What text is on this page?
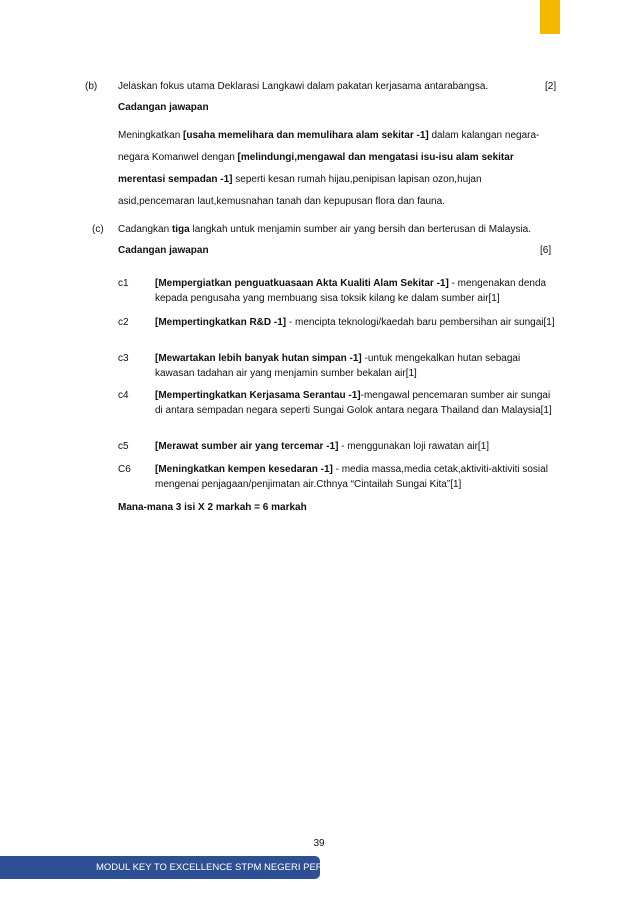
(b) Jelaskan fokus utama Deklarasi Langkawi dalam pakatan kerjasama antarabangsa.	[2]
Cadangan jawapan
Meningkatkan [usaha memelihara dan memulihara alam sekitar -1] dalam kalangan negara-
negara Komanwel dengan [melindungi,mengawal dan mengatasi isu-isu alam sekitar
merentasi sempadan -1] seperti kesan rumah hijau,penipisan lapisan ozon,hujan
asid,pencemaran laut,kemusnahan tanah dan kepupusan flora dan fauna.
(c) Cadangkan tiga langkah untuk menjamin sumber air yang bersih dan berterusan di Malaysia.
Cadangan jawapan	[6]
c1	[Mempergiatkan penguatkuasaan Akta Kualiti Alam Sekitar -1] - mengenakan denda kepada pengusaha yang membuang sisa toksik kilang ke dalam sumber air[1]
c2	[Mempertingkatkan R&D -1] - mencipta teknologi/kaedah baru pembersihan air sungai[1]
c3	[Mewartakan lebih banyak hutan simpan -1] -untuk mengekalkan hutan sebagai kawasan tadahan air yang menjamin sumber bekalan air[1]
c4	[Mempertingkatkan Kerjasama Serantau -1]-mengawal pencemaran sumber air sungai di antara sempadan negara seperti Sungai Golok antara negara Thailand dan Malaysia[1]
c5	[Merawat sumber air yang tercemar -1] - menggunakan loji rawatan air[1]
C6 [Meningkatkan kempen kesedaran -1] - media massa,media cetak,aktiviti-aktiviti sosial mengenai penjagaan/penjimatan air.Cthnya “Cintailah Sungai Kita”[1]
Mana-mana 3 isi X 2 markah = 6 markah
39
MODUL KEY TO EXCELLENCE STPM NEGERI PERAK
